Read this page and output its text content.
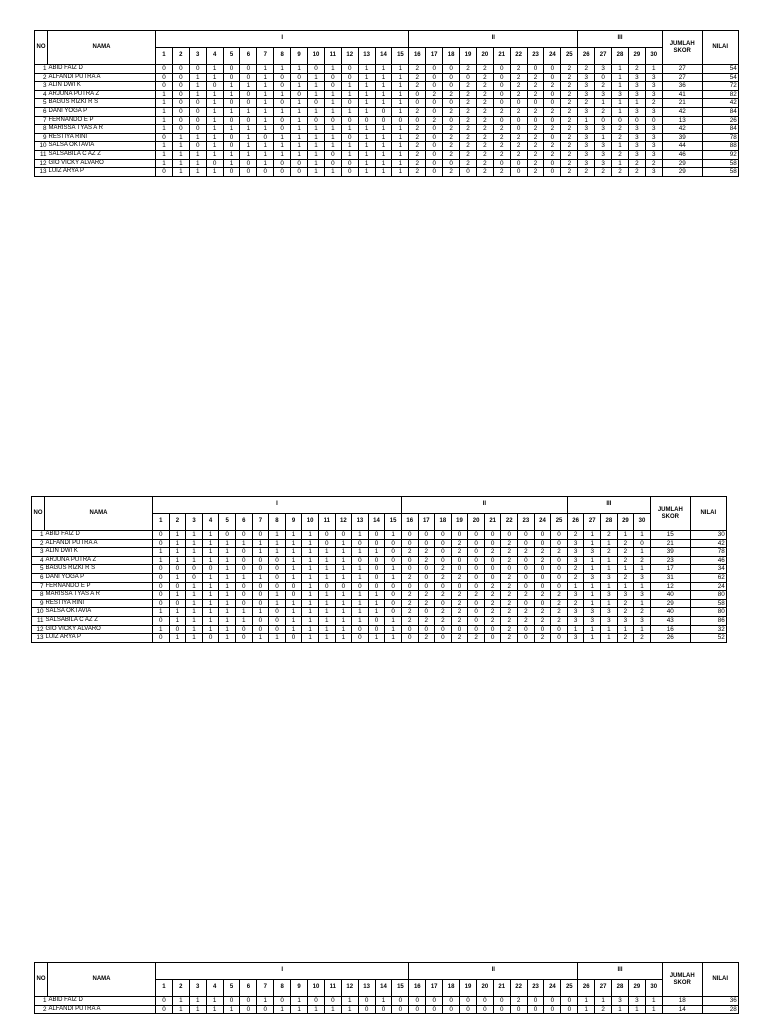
NO	NAMA	I															II										III					JUMLAH SKOR	NILAI
		1	2	3	4	5	6	7	8	9	10	11	12	13	14	15	16	17	18	19	20	21	22	23	24	25	26	27	28	29	30		
1	ABID FAIZ D	0	0	0	1	0	0	1	1	1	0	1	0	1	1	1	2	0	0	2	2	0	2	0	0	2	2	3	1	2	1	27	54
2	ALFANDI PUTRA A	0	0	1	1	0	0	1	0	0	1	0	0	1	1	1	2	0	0	0	2	0	2	2	0	2	3	0	1	3	3	27	54
3	ALIN DWI K	0	0	1	0	1	1	1	0	1	1	0	1	1	1	1	2	0	0	2	2	0	2	2	2	2	3	2	1	3	3	36	72
4	ARJUNA PUTRA Z	1	0	1	1	1	0	1	1	0	1	1	1	1	1	1	0	2	2	2	2	0	2	2	0	2	3	3	3	3	3	41	82
5	BAGUS RIZKI R S	1	0	0	1	0	0	1	0	1	0	1	0	1	1	1	0	0	0	2	2	0	0	0	0	2	2	1	1	1	2	21	42
6	DANI YOGA P	1	0	0	1	1	1	1	1	1	1	1	1	1	0	1	2	0	2	2	2	2	2	2	2	2	3	2	1	3	3	42	84
7	FERNANDO E P	1	0	0	1	0	0	1	0	1	0	0	0	0	0	0	0	2	0	2	2	0	0	0	0	2	1	0	0	0	0	13	26
8	MARISSA TYAS A R	1	0	0	1	1	1	1	0	1	1	1	1	1	1	1	2	0	2	2	2	2	0	2	2	2	3	3	2	3	3	42	84
9	RESTIYA RINI	0	1	1	1	0	1	0	1	1	1	1	0	1	1	1	2	0	2	2	2	2	2	2	0	2	3	1	2	3	3	39	78
10	SALSA OKTAVIA	1	1	0	1	0	1	1	1	1	1	1	1	1	1	1	2	0	2	2	2	2	2	2	2	2	3	3	1	3	3	44	88
11	SALSABILA C AZ Z	1	1	1	1	1	1	1	1	1	1	0	1	1	1	1	2	0	2	2	2	2	2	2	2	2	3	3	2	3	3	46	92
12	GIO VICKY ALVARO	1	1	1	0	1	0	1	0	0	1	0	0	1	1	1	2	0	0	2	2	0	0	2	0	2	3	3	1	2	2	29	58
13	LUIZ ARYA P	0	1	1	1	0	0	0	0	0	1	1	0	1	1	1	2	0	2	0	2	2	0	2	0	2	2	2	2	2	3	29	58
NO	NAMA	I															II										III					JUMLAH SKOR	NILAI
		1	2	3	4	5	6	7	8	9	10	11	12	13	14	15	16	17	18	19	20	21	22	23	24	25	26	27	28	29	30		
1	ABID FAIZ D	0	1	1	1	0	0	0	1	1	1	0	0	1	0	1	0	0	0	0	0	0	0	0	0	0	2	1	2	1	1	15	30
2	ALFANDI PUTRA A	0	1	1	1	1	1	1	1	1	1	0	1	0	0	0	0	0	0	2	0	0	2	0	0	0	3	1	1	2	0	21	42
3	ALIN DWI K	1	1	1	1	1	0	1	1	1	1	1	1	1	1	0	2	2	0	2	0	2	2	2	2	2	3	3	2	2	1	39	78
4	ARJUNA PUTRA Z	1	1	1	1	1	0	0	0	1	1	1	1	0	0	0	0	2	0	0	0	0	2	0	2	0	3	1	1	2	2	23	46
5	BAGUS RIZKI R S	0	0	0	0	1	0	0	0	1	1	1	1	1	0	1	0	0	2	0	0	0	0	0	0	0	2	1	1	1	1	17	34
6	DANI YOGA P	0	1	0	1	1	1	1	0	1	1	1	1	1	0	1	2	0	2	2	0	0	2	0	0	0	2	3	3	2	3	31	62
7	FERNANDO E P	0	0	1	1	1	0	0	0	0	1	0	0	0	0	0	0	0	0	0	0	2	2	0	0	0	1	1	1	1	1	12	24
8	MARISSA TYAS A R	0	1	1	1	1	0	0	1	0	1	1	1	1	1	0	2	2	2	2	2	2	2	2	2	2	3	1	3	3	3	40	80
9	RESTIYA RINI	0	0	1	1	1	0	0	1	1	1	1	1	1	1	0	2	2	0	2	0	2	2	0	0	2	2	1	1	2	1	29	58
10	SALSA OKTAVIA	1	1	1	1	1	1	1	0	1	1	1	1	1	1	0	2	0	2	2	0	2	2	2	2	2	3	3	3	2	2	40	80
11	SALSABILA C AZ Z	0	1	1	1	1	1	0	0	1	1	1	1	1	0	1	2	2	2	2	0	2	2	2	2	2	3	3	3	3	3	43	86
12	GIO VICKY ALVARO	1	0	1	1	1	0	0	0	1	1	1	1	0	0	1	0	0	0	0	0	0	2	0	0	0	1	1	1	1	1	16	32
13	LUIZ ARYA P	0	1	1	0	1	0	1	1	0	1	1	1	0	1	1	0	2	0	2	2	0	2	0	2	0	3	1	1	2	2	26	52
NO	NAMA	I															II										III					JUMLAH SKOR	NILAI
		1	2	3	4	5	6	7	8	9	10	11	12	13	14	15	16	17	18	19	20	21	22	23	24	25	26	27	28	29	30		
1	ABID FAIZ D	0	1	1	1	0	0	1	0	1	0	0	1	0	1	0	0	0	0	0	0	0	2	0	0	0	1	1	3	3	1	18	36
2	ALFANDI PUTRA A	0	1	1	1	1	0	0	1	1	1	1	1	0	0	0	0	0	0	0	0	0	0	0	0	0	1	2	1	1	1	14	28
